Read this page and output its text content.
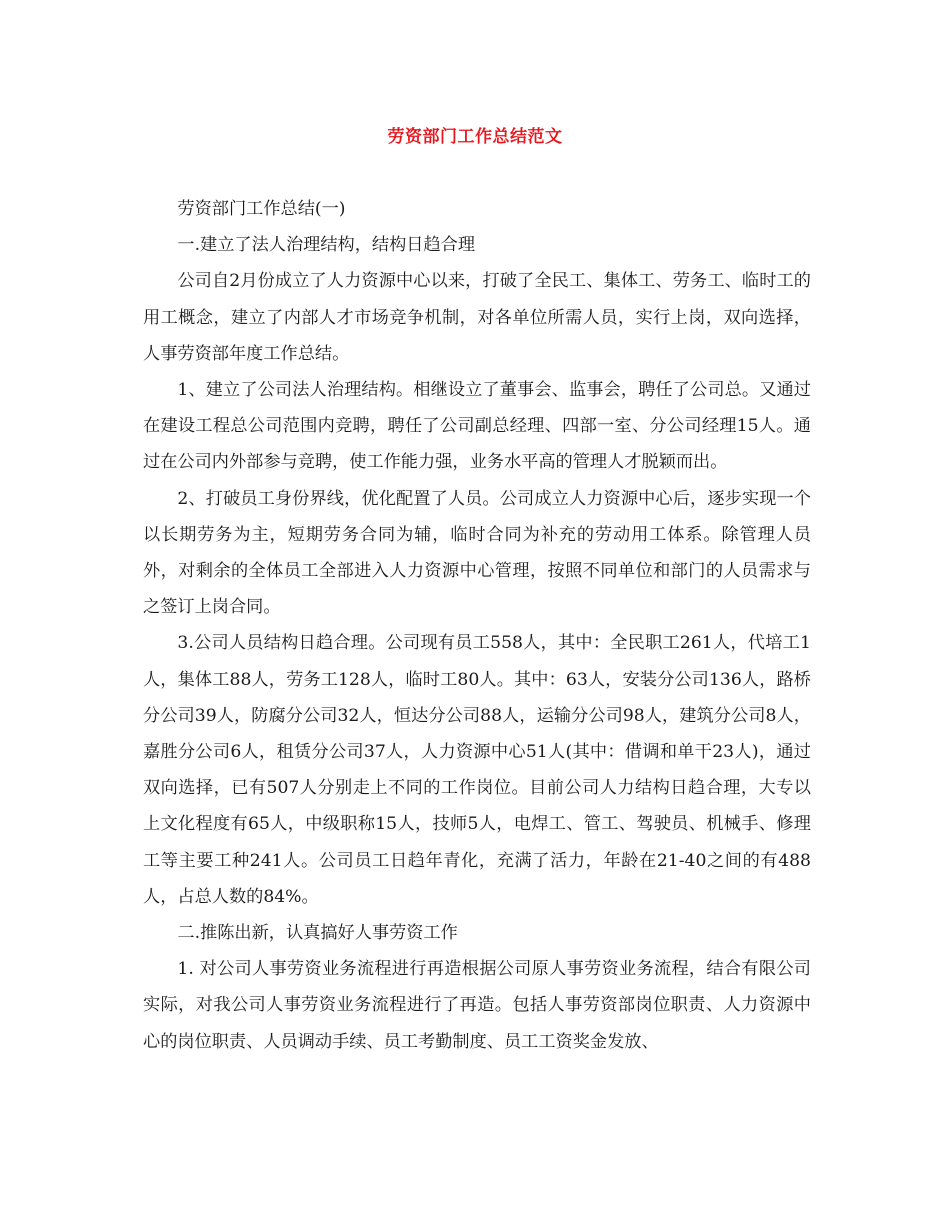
劳资部门工作总结范文

劳资部门工作总结(一)

一.建立了法人治理结构，结构日趋合理

公司自2月份成立了人力资源中心以来，打破了全民工、集体工、劳务工、临时工的用工概念，建立了内部人才市场竞争机制，对各单位所需人员，实行上岗，双向选择，人事劳资部年度工作总结。

1、建立了公司法人治理结构。相继设立了董事会、监事会，聘任了公司总。又通过在建设工程总公司范围内竞聘，聘任了公司副总经理、四部一室、分公司经理15人。通过在公司内外部参与竞聘，使工作能力强，业务水平高的管理人才脱颖而出。

2、打破员工身份界线，优化配置了人员。公司成立人力资源中心后，逐步实现一个以长期劳务为主，短期劳务合同为辅，临时合同为补充的劳动用工体系。除管理人员外，对剩余的全体员工全部进入人力资源中心管理，按照不同单位和部门的人员需求与之签订上岗合同。

3.公司人员结构日趋合理。公司现有员工558人，其中：全民职工261人，代培工1人，集体工88人，劳务工128人，临时工80人。其中：63人，安装分公司136人，路桥分公司39人，防腐分公司32人，恒达分公司88人，运输分公司98人，建筑分公司8人，嘉胜分公司6人，租赁分公司37人，人力资源中心51人(其中：借调和单干23人)，通过双向选择，已有507人分别走上不同的工作岗位。目前公司人力结构日趋合理，大专以上文化程度有65人，中级职称15人，技师5人，电焊工、管工、驾驶员、机械手、修理工等主要工种241人。公司员工日趋年青化，充满了活力，年龄在21-40之间的有488人，占总人数的84%。

二.推陈出新，认真搞好人事劳资工作

1. 对公司人事劳资业务流程进行再造根据公司原人事劳资业务流程，结合有限公司实际，对我公司人事劳资业务流程进行了再造。包括人事劳资部岗位职责、人力资源中心的岗位职责、人员调动手续、员工考勤制度、员工工资奖金发放、
